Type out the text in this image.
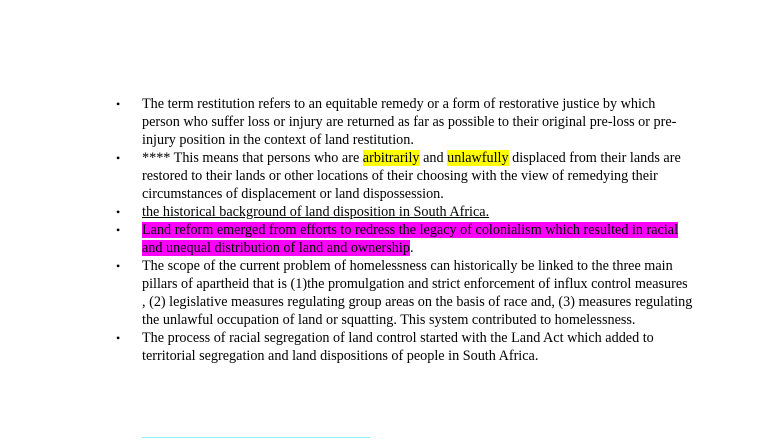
• The term restitution refers to an equitable remedy or a form of restorative justice by which person who suffer loss or injury are returned as far as possible to their original pre-loss or pre-injury position in the context of land restitution.
• **** This means that persons who are arbitrarily and unlawfully displaced from their lands are restored to their lands or other locations of their choosing with the view of remedying their circumstances of displacement or land dispossession.
• the historical background of land disposition in South Africa.
• Land reform emerged from efforts to redress the legacy of colonialism which resulted in racial and unequal distribution of land and ownership.
• The scope of the current problem of homelessness can historically be linked to the three main pillars of apartheid that is (1)the promulgation and strict enforcement of influx control measures , (2) legislative measures regulating group areas on the basis of race and, (3) measures regulating the unlawful occupation of land or squatting. This system contributed to homelessness.
• The process of racial segregation of land control started with the Land Act which added to territorial segregation and land dispositions of people in South Africa.
